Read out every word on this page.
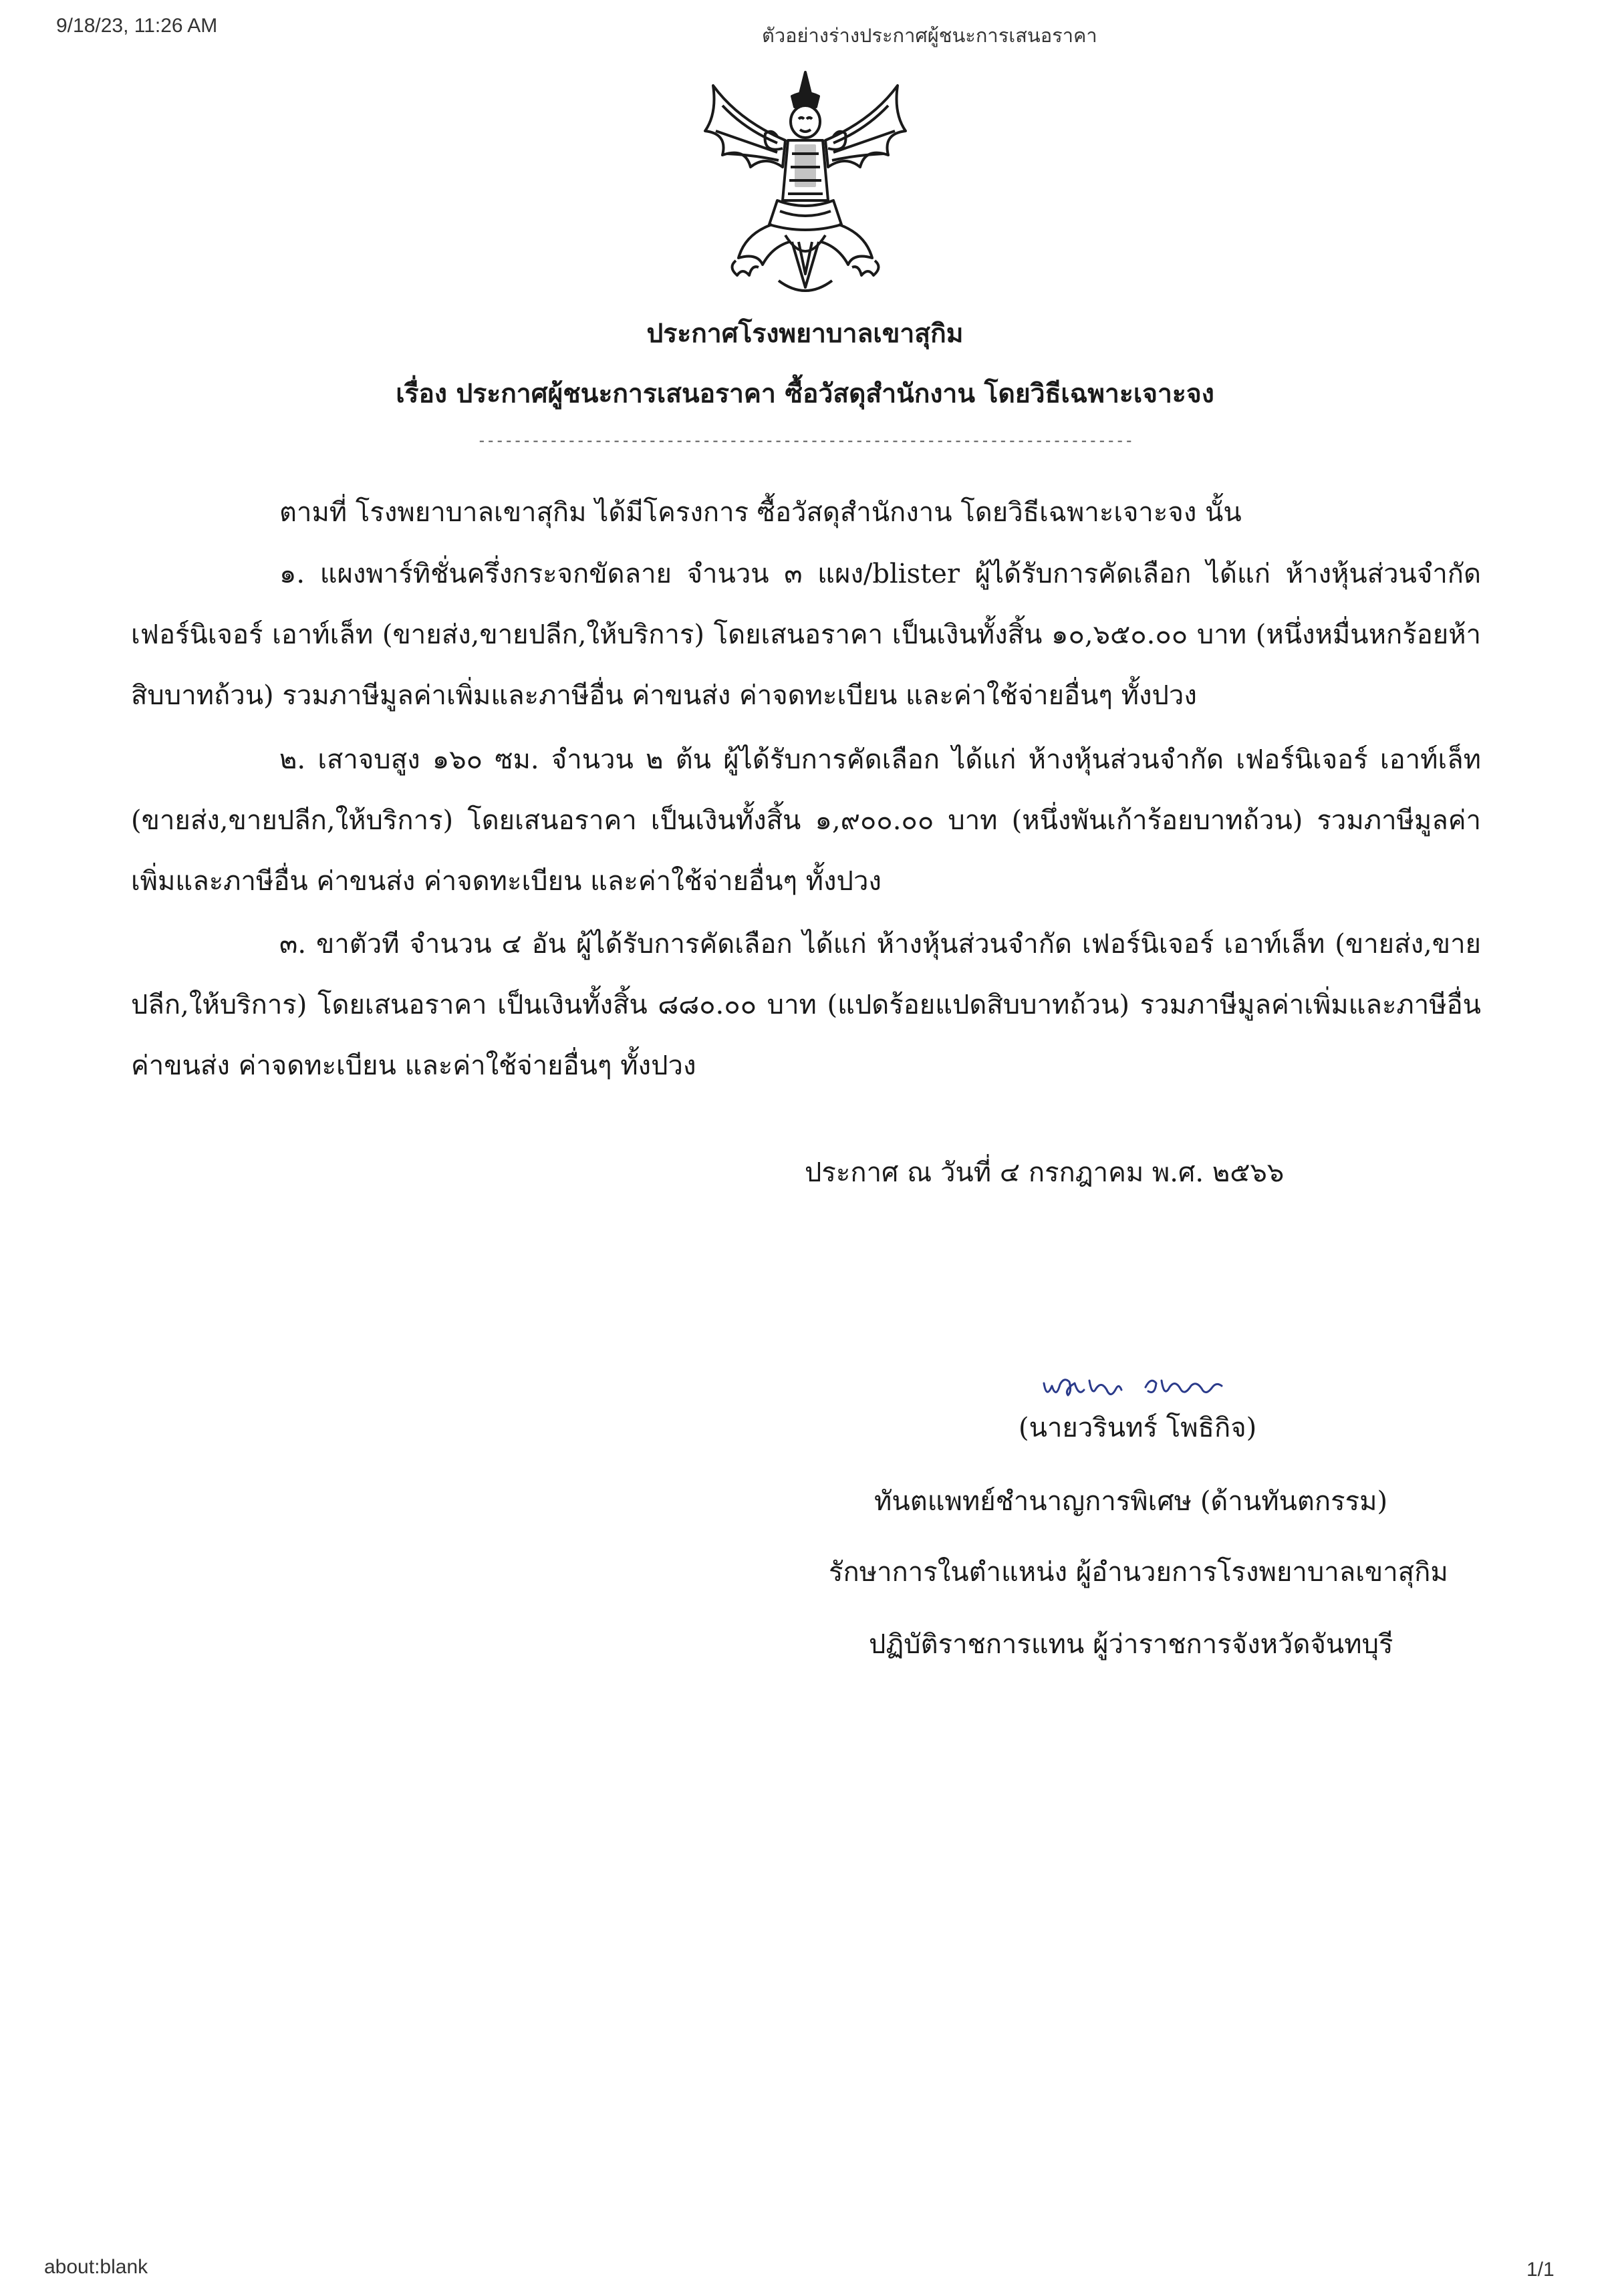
9/18/23, 11:26 AM	ตัวอย่างร่างประกาศผู้ชนะการเสนอราคา
ประกาศโรงพยาบาลเขาสุกิม
เรื่อง ประกาศผู้ชนะการเสนอราคา ซื้อวัสดุสำนักงาน โดยวิธีเฉพาะเจาะจง
-------------------------------------------------------------------------

ตามที่ โรงพยาบาลเขาสุกิม ได้มีโครงการ ซื้อวัสดุสำนักงาน โดยวิธีเฉพาะเจาะจง นั้น

๑. แผงพาร์ทิชั่นครึ่งกระจกขัดลาย จำนวน ๓ แผง/blister ผู้ได้รับการคัดเลือก ได้แก่ ห้างหุ้นส่วนจำกัด เฟอร์นิเจอร์ เอาท์เล็ท (ขายส่ง,ขายปลีก,ให้บริการ) โดยเสนอราคา เป็นเงินทั้งสิ้น ๑๐,๖๕๐.๐๐ บาท (หนึ่งหมื่นหกร้อยห้าสิบบาทถ้วน) รวมภาษีมูลค่าเพิ่มและภาษีอื่น ค่าขนส่ง ค่าจดทะเบียน และค่าใช้จ่ายอื่นๆ ทั้งปวง

๒. เสาจบสูง ๑๖๐ ซม. จำนวน ๒ ต้น ผู้ได้รับการคัดเลือก ได้แก่ ห้างหุ้นส่วนจำกัด เฟอร์นิเจอร์ เอาท์เล็ท (ขายส่ง,ขายปลีก,ให้บริการ) โดยเสนอราคา เป็นเงินทั้งสิ้น ๑,๙๐๐.๐๐ บาท (หนึ่งพันเก้าร้อยบาทถ้วน) รวมภาษีมูลค่าเพิ่มและภาษีอื่น ค่าขนส่ง ค่าจดทะเบียน และค่าใช้จ่ายอื่นๆ ทั้งปวง

๓. ขาตัวที จำนวน ๔ อัน ผู้ได้รับการคัดเลือก ได้แก่ ห้างหุ้นส่วนจำกัด เฟอร์นิเจอร์ เอาท์เล็ท (ขายส่ง,ขายปลีก,ให้บริการ) โดยเสนอราคา เป็นเงินทั้งสิ้น ๘๘๐.๐๐ บาท (แปดร้อยแปดสิบบาทถ้วน) รวมภาษีมูลค่าเพิ่มและภาษีอื่น ค่าขนส่ง ค่าจดทะเบียน และค่าใช้จ่ายอื่นๆ ทั้งปวง

ประกาศ ณ วันที่ ๔ กรกฎาคม พ.ศ. ๒๕๖๖
(นายวรินทร์ โพธิกิจ)
ทันตแพทย์ชำนาญการพิเศษ (ด้านทันตกรรม)
รักษาการในตำแหน่ง ผู้อำนวยการโรงพยาบาลเขาสุกิม
ปฏิบัติราชการแทน ผู้ว่าราชการจังหวัดจันทบุรี
about:blank	1/1
